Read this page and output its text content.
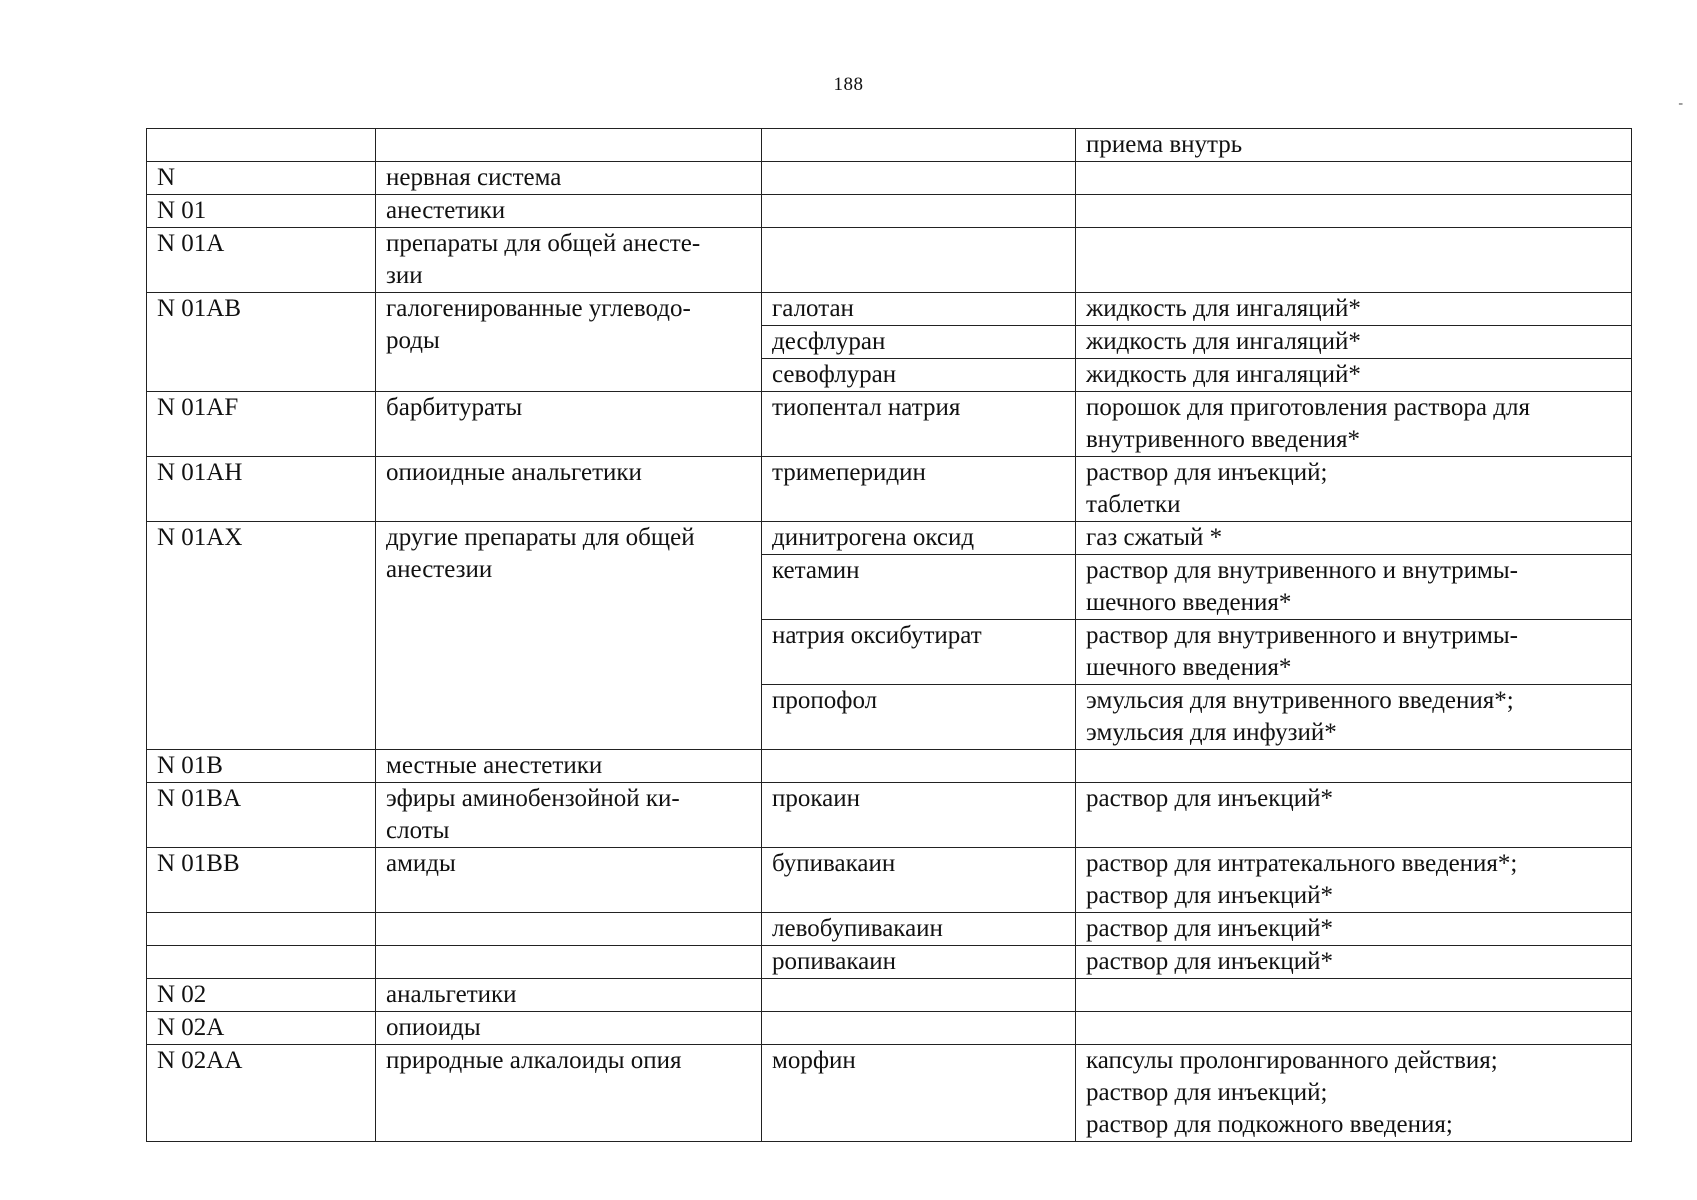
188
-

			приема внутрь

N	нервная система		

N 01	анестетики		

N 01A	препараты для общей анесте-
зии		

N 01AB	галогенированные углеводо-
роды	галотан	жидкость для ингаляций*

		десфлуран	жидкость для ингаляций*

		севофлуран	жидкость для ингаляций*

N 01AF	барбитураты	тиопентал натрия	порошок для приготовления раствора для
внутривенного введения*

N 01AH	опиоидные анальгетики	тримеперидин	раствор для инъекций;
таблетки

N 01AX	другие препараты для общей
анестезии	динитрогена оксид	газ сжатый *

		кетамин	раствор для внутривенного и внутримы-
шечного введения*

		натрия оксибутират	раствор для внутривенного и внутримы-
шечного введения*

		пропофол	эмульсия для внутривенного введения*;
эмульсия для инфузий*

N 01B	местные анестетики		

N 01BA	эфиры аминобензойной ки-
слоты	прокаин	раствор для инъекций*

N 01BB	амиды	бупивакаин	раствор для интратекального введения*;
раствор для инъекций*

		левобупивакаин	раствор для инъекций*

		ропивакаин	раствор для инъекций*

N 02	анальгетики		

N 02A	опиоиды		

N 02AA	природные алкалоиды опия	морфин	капсулы пролонгированного действия;
раствор для инъекций;
раствор для подкожного введения;
